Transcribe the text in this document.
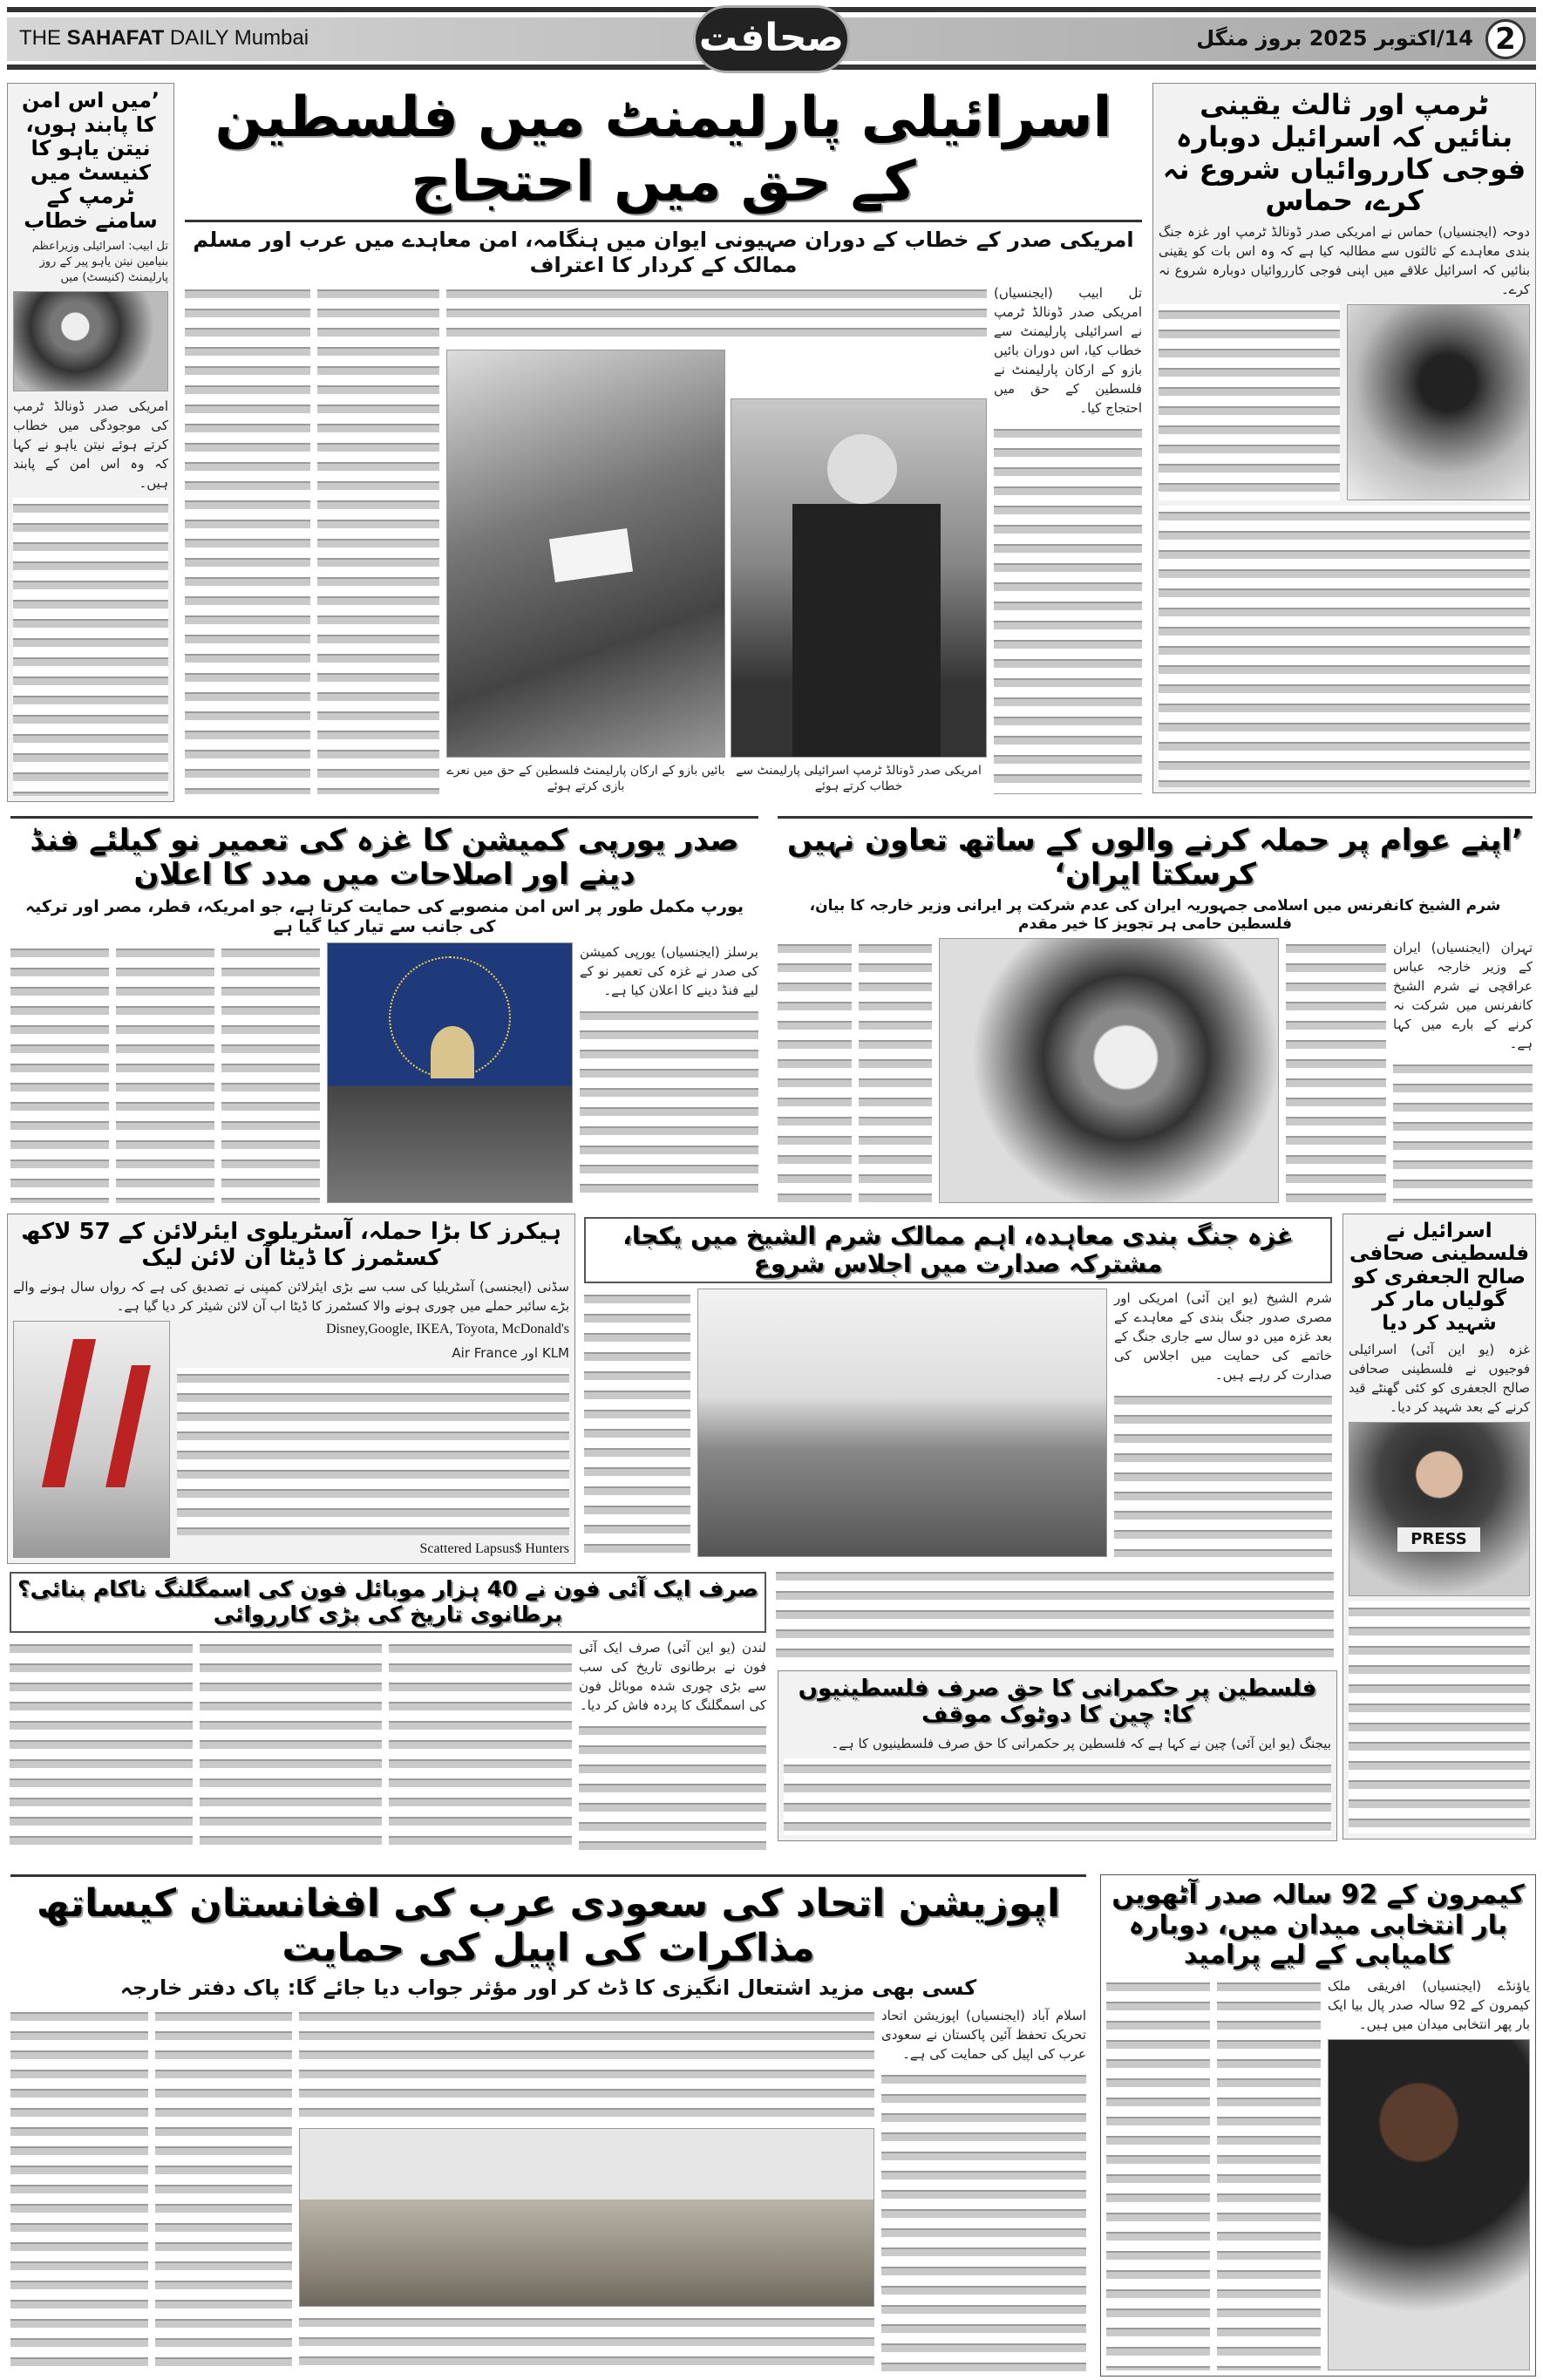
THE SAHAFAT DAILY Mumbai	صحافت	14/اکتوبر 2025 بروز منگل 2
’میں اس امن کا پابند ہوں، نیتن یاہو کا کنیسٹ میں ٹرمپ کے سامنے خطاب
تل ابیب: اسرائیلی وزیراعظم بنیامین نیتن یاہو پیر کے روز پارلیمنٹ (کنیسٹ) میں
امریکی صدر ڈونالڈ ٹرمپ کی موجودگی میں خطاب کرتے ہوئے نیتن یاہو نے کہا کہ وہ اس امن کے پابند ہیں۔
اسرائیلی پارلیمنٹ میں فلسطین کے حق میں احتجاج
امریکی صدر کے خطاب کے دوران صہیونی ایوان میں ہنگامہ، امن معاہدے میں عرب اور مسلم ممالک کے کردار کا اعتراف
تل ابیب (ایجنسیاں) امریکی صدر ڈونالڈ ٹرمپ نے اسرائیلی پارلیمنٹ سے خطاب کیا، اس دوران بائیں بازو کے ارکان پارلیمنٹ نے فلسطین کے حق میں احتجاج کیا۔
بائیں بازو کے ارکان پارلیمنٹ فلسطین کے حق میں نعرے بازی کرتے ہوئے
امریکی صدر ڈونالڈ ٹرمپ اسرائیلی پارلیمنٹ سے خطاب کرتے ہوئے
ٹرمپ اور ثالث یقینی بنائیں کہ اسرائیل دوبارہ فوجی کارروائیاں شروع نہ کرے، حماس
دوحہ (ایجنسیاں) حماس نے امریکی صدر ڈونالڈ ٹرمپ اور غزہ جنگ بندی معاہدے کے ثالثوں سے مطالبہ کیا ہے کہ وہ اس بات کو یقینی بنائیں کہ اسرائیل علاقے میں اپنی فوجی کارروائیاں دوبارہ شروع نہ کرے۔
صدر یورپی کمیشن کا غزہ کی تعمیر نو کیلئے فنڈ دینے اور اصلاحات میں مدد کا اعلان
یورپ مکمل طور پر اس امن منصوبے کی حمایت کرتا ہے، جو امریکہ، قطر، مصر اور ترکیہ کی جانب سے تیار کیا گیا ہے
برسلز (ایجنسیاں) یورپی کمیشن کی صدر نے غزہ کی تعمیر نو کے لیے فنڈ دینے کا اعلان کیا ہے۔
’اپنے عوام پر حملہ کرنے والوں کے ساتھ تعاون نہیں کرسکتا ایران‘
شرم الشیخ کانفرنس میں اسلامی جمہوریہ ایران کی عدم شرکت پر ایرانی وزیر خارجہ کا بیان، فلسطین حامی ہر تجویز کا خیر مقدم
تہران (ایجنسیاں) ایران کے وزیر خارجہ عباس عراقچی نے شرم الشیخ کانفرنس میں شرکت نہ کرنے کے بارے میں کہا ہے۔
ہیکرز کا بڑا حملہ، آسٹریلوی ایئرلائن کے 57 لاکھ کسٹمرز کا ڈیٹا آن لائن لیک
سڈنی (ایجنسی) آسٹریلیا کی سب سے بڑی ایئرلائن کمپنی نے تصدیق کی ہے کہ رواں سال ہونے والے بڑے سائبر حملے میں چوری ہونے والا کسٹمرز کا ڈیٹا اب آن لائن شیئر کر دیا گیا ہے۔
Disney,Google, IKEA, Toyota, McDonald's
KLM اور Air France
Scattered Lapsus$ Hunters
غزہ جنگ بندی معاہدہ، اہم ممالک شرم الشیخ میں یکجا، مشترکہ صدارت میں اجلاس شروع
شرم الشیخ (یو این آئی) امریکی اور مصری صدور جنگ بندی کے معاہدے کے بعد غزہ میں دو سال سے جاری جنگ کے خاتمے کی حمایت میں اجلاس کی صدارت کر رہے ہیں۔
اسرائیل نے فلسطینی صحافی صالح الجعفری کو گولیاں مار کر شہید کر دیا
غزہ (یو این آئی) اسرائیلی فوجیوں نے فلسطینی صحافی صالح الجعفری کو کئی گھنٹے قید کرنے کے بعد شہید کر دیا۔
PRESS
صرف ایک آئی فون نے 40 ہزار موبائل فون کی اسمگلنگ ناکام بنائی؟ برطانوی تاریخ کی بڑی کارروائی
لندن (یو این آئی) صرف ایک آئی فون نے برطانوی تاریخ کی سب سے بڑی چوری شدہ موبائل فون کی اسمگلنگ کا پردہ فاش کر دیا۔
فلسطین پر حکمرانی کا حق صرف فلسطینیوں کا: چین کا دوٹوک موقف
بیجنگ (یو این آئی) چین نے کہا ہے کہ فلسطین پر حکمرانی کا حق صرف فلسطینیوں کا ہے۔
اپوزیشن اتحاد کی سعودی عرب کی افغانستان کیساتھ مذاکرات کی اپیل کی حمایت
کسی بھی مزید اشتعال انگیزی کا ڈٹ کر اور مؤثر جواب دیا جائے گا: پاک دفتر خارجہ
اسلام آباد (ایجنسیاں) اپوزیشن اتحاد تحریک تحفظ آئین پاکستان نے سعودی عرب کی اپیل کی حمایت کی ہے۔
کیمرون کے 92 سالہ صدر آٹھویں بار انتخابی میدان میں، دوبارہ کامیابی کے لیے پرامید
یاؤنڈے (ایجنسیاں) افریقی ملک کیمرون کے 92 سالہ صدر پال بیا ایک بار پھر انتخابی میدان میں ہیں۔
